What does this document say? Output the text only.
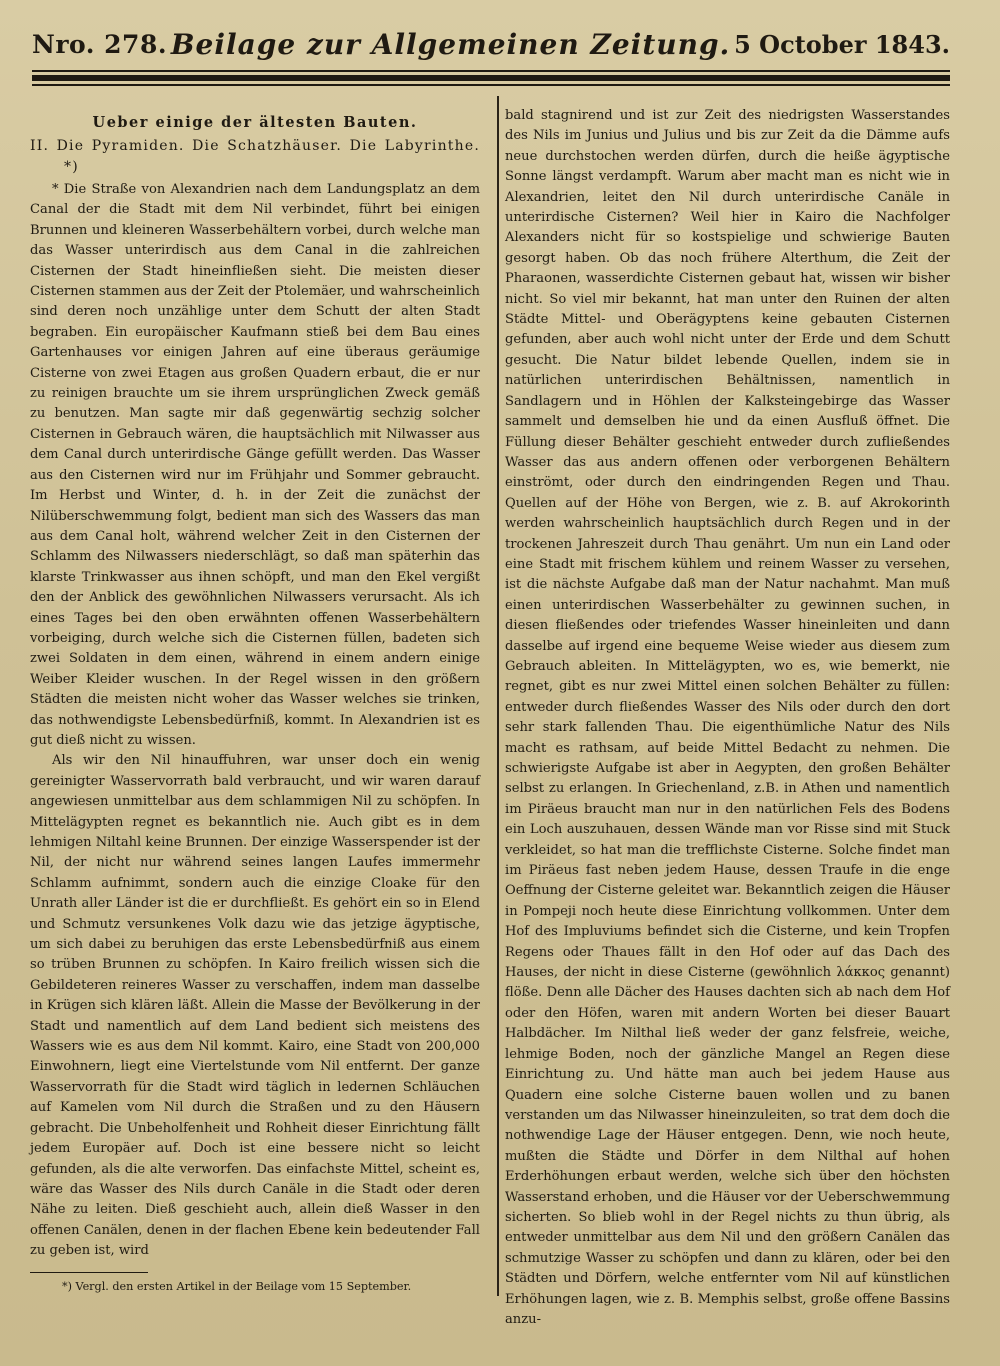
Nro. 278. Beilage zur Allgemeinen Zeitung. 5 October 1843.
Ueber einige der ältesten Bauten.
II. Die Pyramiden. Die Schatzhäuser. Die Labyrinthe. *)

* Die Straße von Alexandrien nach dem Landungsplatz an dem Canal der die Stadt mit dem Nil verbindet, führt bei einigen Brunnen und kleineren Wasserbehältern vorbei, durch welche man das Wasser unterirdisch aus dem Canal in die zahlreichen Cisternen der Stadt hineinfließen sieht. Die meisten dieser Cisternen stammen aus der Zeit der Ptolemäer, und wahrscheinlich sind deren noch unzählige unter dem Schutt der alten Stadt begraben. Ein europäischer Kaufmann stieß bei dem Bau eines Gartenhauses vor einigen Jahren auf eine überaus geräumige Cisterne von zwei Etagen aus großen Quadern erbaut, die er nur zu reinigen brauchte um sie ihrem ursprünglichen Zweck gemäß zu benutzen. Man sagte mir daß gegenwärtig sechzig solcher Cisternen in Gebrauch wären, die hauptsächlich mit Nilwasser aus dem Canal durch unterirdische Gänge gefüllt werden. Das Wasser aus den Cisternen wird nur im Frühjahr und Sommer gebraucht. Im Herbst und Winter, d. h. in der Zeit die zunächst der Nilüberschwemmung folgt, bedient man sich des Wassers das man aus dem Canal holt, während welcher Zeit in den Cisternen der Schlamm des Nilwassers niederschlägt, so daß man späterhin das klarste Trinkwasser aus ihnen schöpft, und man den Ekel vergißt den der Anblick des gewöhnlichen Nilwassers verursacht. Als ich eines Tages bei den oben erwähnten offenen Wasserbehältern vorbeiging, durch welche sich die Cisternen füllen, badeten sich zwei Soldaten in dem einen, während in einem andern einige Weiber Kleider wuschen. In der Regel wissen in den größern Städten die meisten nicht woher das Wasser welches sie trinken, das nothwendigste Lebensbedürfniß, kommt. In Alexandrien ist es gut dieß nicht zu wissen.

Als wir den Nil hinauffuhren, war unser doch ein wenig gereinigter Wasservorrath bald verbraucht, und wir waren darauf angewiesen unmittelbar aus dem schlammigen Nil zu schöpfen. In Mittelägypten regnet es bekanntlich nie. Auch gibt es in dem lehmigen Niltahl keine Brunnen. Der einzige Wasserspender ist der Nil, der nicht nur während seines langen Laufes immermehr Schlamm aufnimmt, sondern auch die einzige Cloake für den Unrath aller Länder ist die er durchfließt. Es gehört ein so in Elend und Schmutz versunkenes Volk dazu wie das jetzige ägyptische, um sich dabei zu beruhigen das erste Lebensbedürfniß aus einem so trüben Brunnen zu schöpfen. In Kairo freilich wissen sich die Gebildeteren reineres Wasser zu verschaffen, indem man dasselbe in Krügen sich klären läßt. Allein die Masse der Bevölkerung in der Stadt und namentlich auf dem Land bedient sich meistens des Wassers wie es aus dem Nil kommt. Kairo, eine Stadt von 200,000 Einwohnern, liegt eine Viertelstunde vom Nil entfernt. Der ganze Wasservorrath für die Stadt wird täglich in ledernen Schläuchen auf Kamelen vom Nil durch die Straßen und zu den Häusern gebracht. Die Unbeholfenheit und Rohheit dieser Einrichtung fällt jedem Europäer auf. Doch ist eine bessere nicht so leicht gefunden, als die alte verworfen. Das einfachste Mittel, scheint es, wäre das Wasser des Nils durch Canäle in die Stadt oder deren Nähe zu leiten. Dieß geschieht auch, allein dieß Wasser in den offenen Canälen, denen in der flachen Ebene kein bedeutender Fall zu geben ist, wird

*) Vergl. den ersten Artikel in der Beilage vom 15 September.

bald stagnirend und ist zur Zeit des niedrigsten Wasserstandes des Nils im Junius und Julius und bis zur Zeit da die Dämme aufs neue durchstochen werden dürfen, durch die heiße ägyptische Sonne längst verdampft. Warum aber macht man es nicht wie in Alexandrien, leitet den Nil durch unterirdische Canäle in unterirdische Cisternen? Weil hier in Kairo die Nachfolger Alexanders nicht für so kostspielige und schwierige Bauten gesorgt haben. Ob das noch frühere Alterthum, die Zeit der Pharaonen, wasserdichte Cisternen gebaut hat, wissen wir bisher nicht. So viel mir bekannt, hat man unter den Ruinen der alten Städte Mittel- und Oberägyptens keine gebauten Cisternen gefunden, aber auch wohl nicht unter der Erde und dem Schutt gesucht. Die Natur bildet lebende Quellen, indem sie in natürlichen unterirdischen Behältnissen, namentlich in Sandlagern und in Höhlen der Kalksteingebirge das Wasser sammelt und demselben hie und da einen Ausfluß öffnet. Die Füllung dieser Behälter geschieht entweder durch zufließendes Wasser das aus andern offenen oder verborgenen Behältern einströmt, oder durch den eindringenden Regen und Thau. Quellen auf der Höhe von Bergen, wie z. B. auf Akrokorinth werden wahrscheinlich hauptsächlich durch Regen und in der trockenen Jahreszeit durch Thau genährt. Um nun ein Land oder eine Stadt mit frischem kühlem und reinem Wasser zu versehen, ist die nächste Aufgabe daß man der Natur nachahmt. Man muß einen unterirdischen Wasserbehälter zu gewinnen suchen, in diesen fließendes oder triefendes Wasser hineinleiten und dann dasselbe auf irgend eine bequeme Weise wieder aus diesem zum Gebrauch ableiten. In Mittelägypten, wo es, wie bemerkt, nie regnet, gibt es nur zwei Mittel einen solchen Behälter zu füllen: entweder durch fließendes Wasser des Nils oder durch den dort sehr stark fallenden Thau. Die eigenthümliche Natur des Nils macht es rathsam, auf beide Mittel Bedacht zu nehmen. Die schwierigste Aufgabe ist aber in Aegypten, den großen Behälter selbst zu erlangen. In Griechenland, z.B. in Athen und namentlich im Piräeus braucht man nur in den natürlichen Fels des Bodens ein Loch auszuhauen, dessen Wände man vor Risse sind mit Stuck verkleidet, so hat man die trefflichste Cisterne. Solche findet man im Piräeus fast neben jedem Hause, dessen Traufe in die enge Oeffnung der Cisterne geleitet war. Bekanntlich zeigen die Häuser in Pompeji noch heute diese Einrichtung vollkommen. Unter dem Hof des Impluviums befindet sich die Cisterne, und kein Tropfen Regens oder Thaues fällt in den Hof oder auf das Dach des Hauses, der nicht in diese Cisterne (gewöhnlich λάκκος genannt) flöße. Denn alle Dächer des Hauses dachten sich ab nach dem Hof oder den Höfen, waren mit andern Worten bei dieser Bauart Halbdächer. Im Nilthal ließ weder der ganz felsfreie, weiche, lehmige Boden, noch der gänzliche Mangel an Regen diese Einrichtung zu. Und hätte man auch bei jedem Hause aus Quadern eine solche Cisterne bauen wollen und zu banen verstanden um das Nilwasser hineinzuleiten, so trat dem doch die nothwendige Lage der Häuser entgegen. Denn, wie noch heute, mußten die Städte und Dörfer in dem Nilthal auf hohen Erderhöhungen erbaut werden, welche sich über den höchsten Wasserstand erhoben, und die Häuser vor der Ueberschwemmung sicherten. So blieb wohl in der Regel nichts zu thun übrig, als entweder unmittelbar aus dem Nil und den größern Canälen das schmutzige Wasser zu schöpfen und dann zu klären, oder bei den Städten und Dörfern, welche entfernter vom Nil auf künstlichen Erhöhungen lagen, wie z. B. Memphis selbst, große offene Bassins anzu-
